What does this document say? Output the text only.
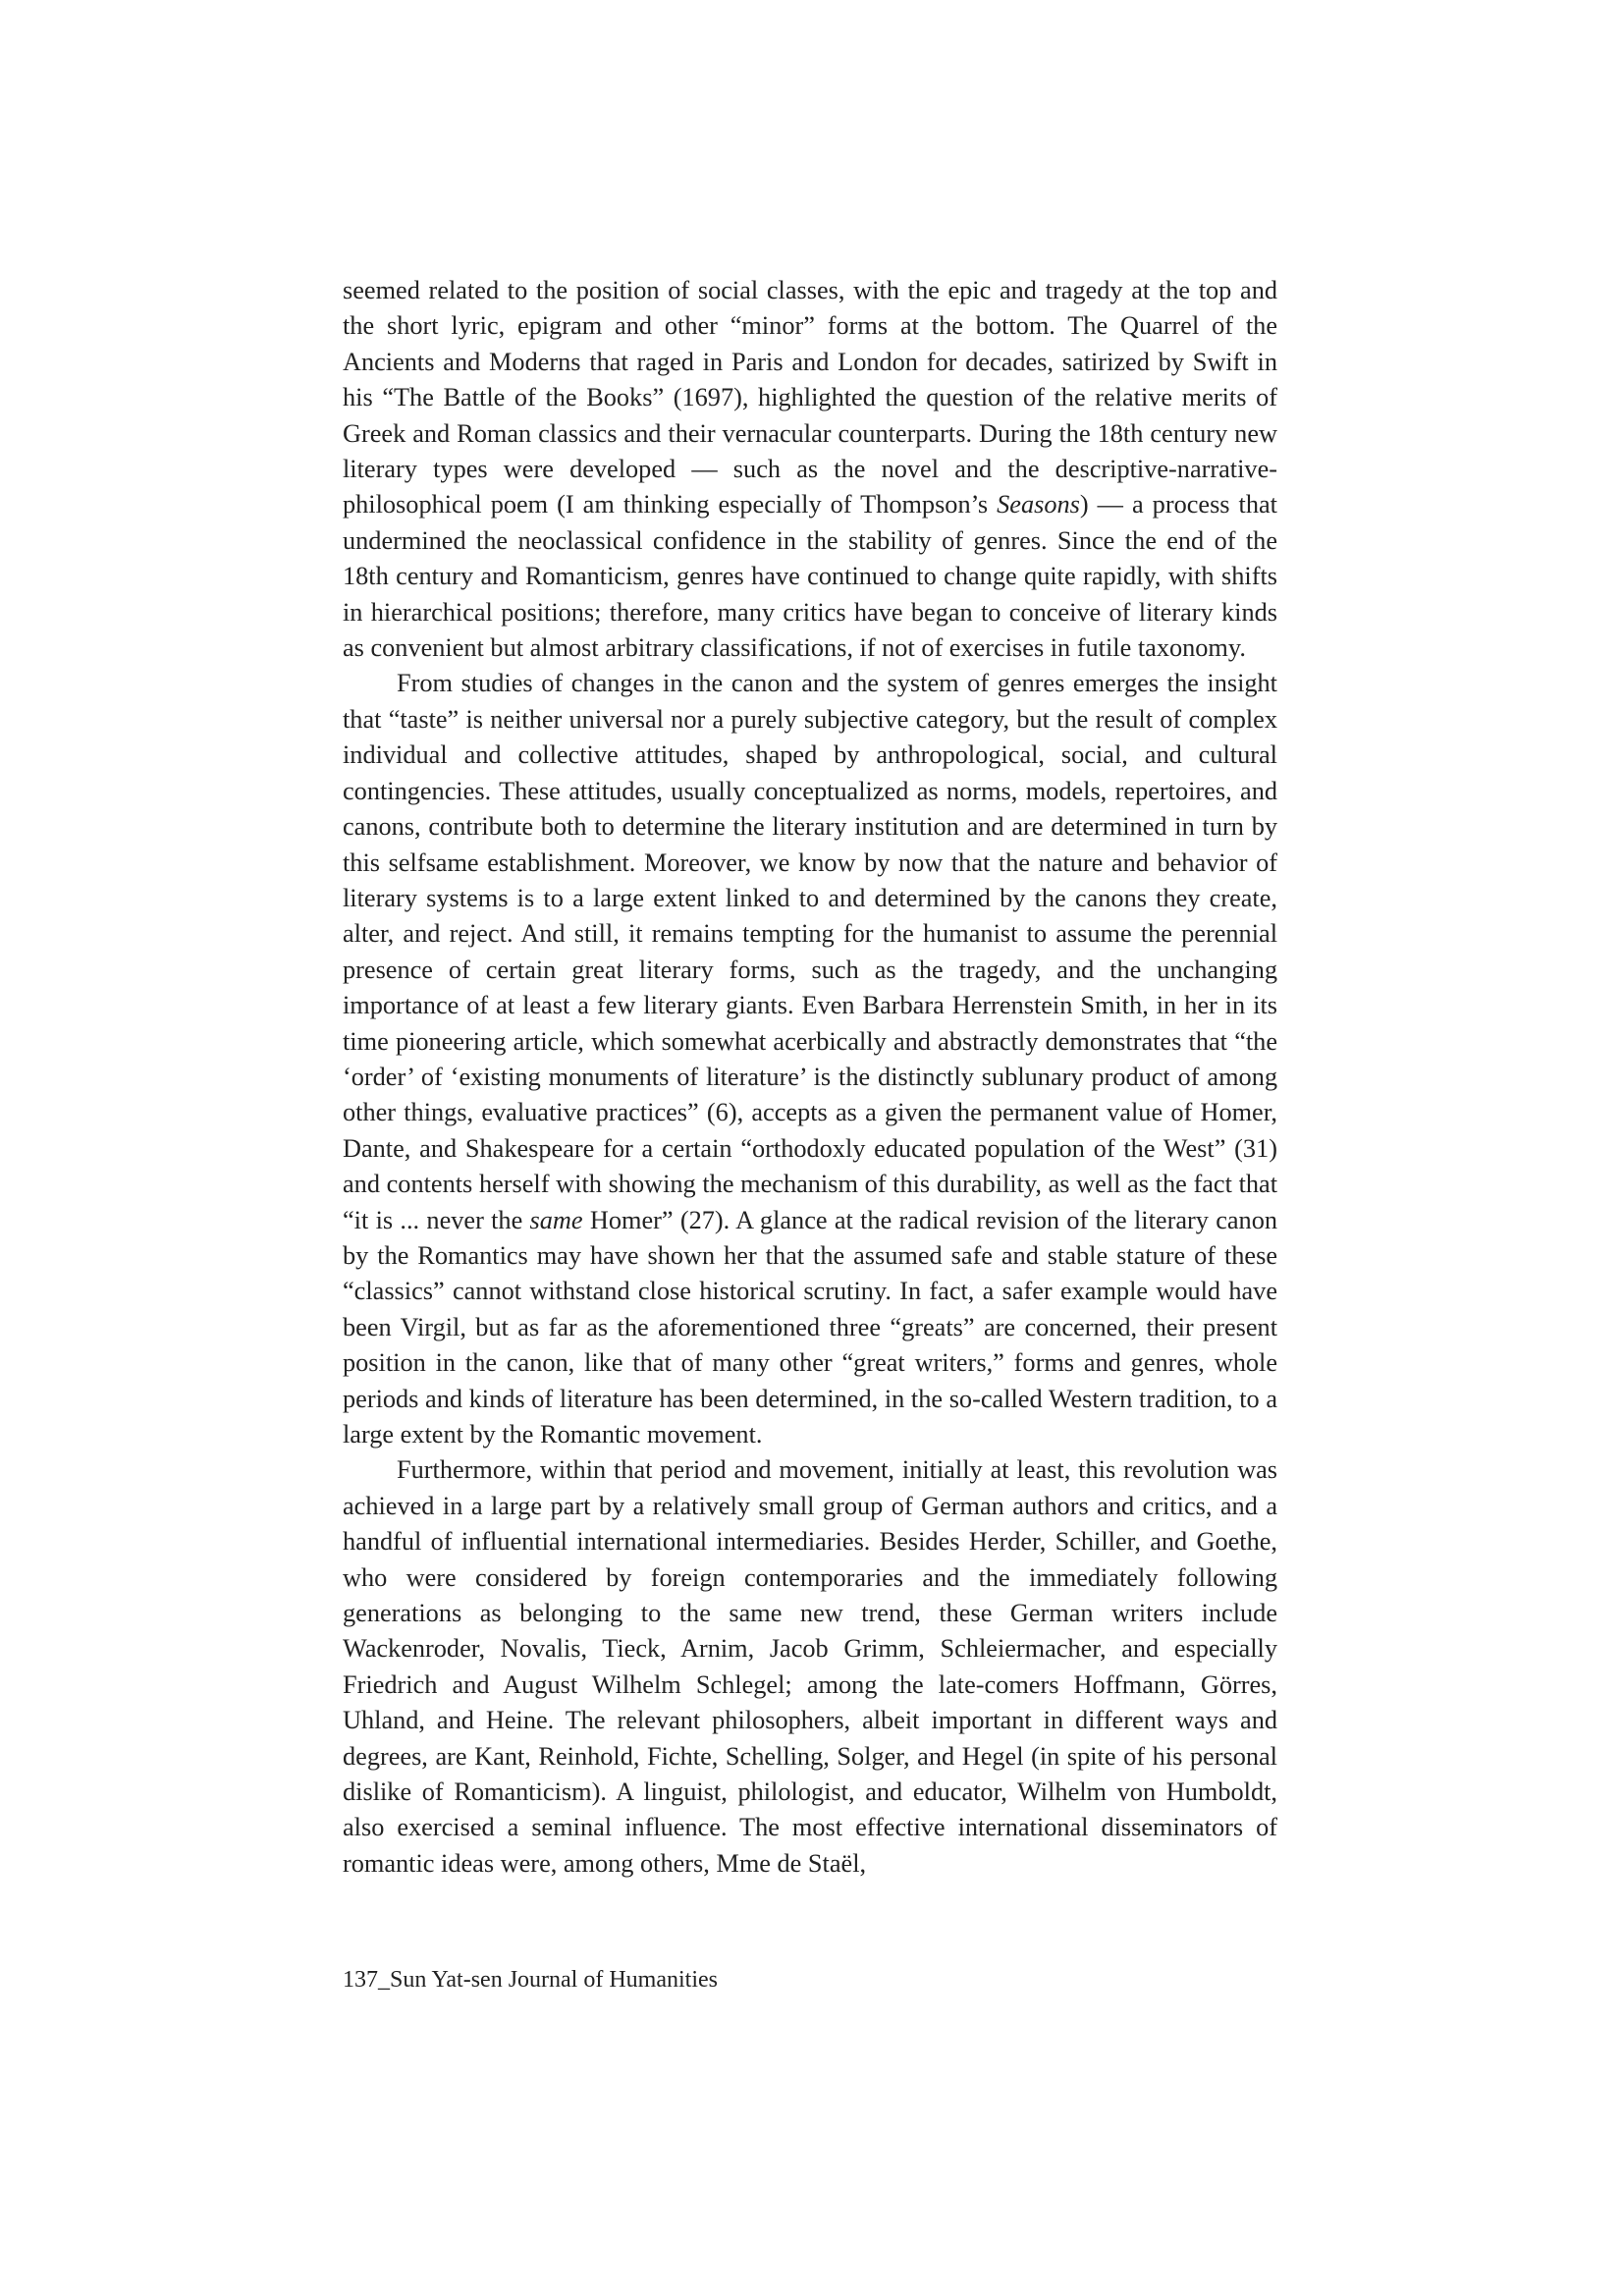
seemed related to the position of social classes, with the epic and tragedy at the top and the short lyric, epigram and other “minor” forms at the bottom. The Quarrel of the Ancients and Moderns that raged in Paris and London for decades, satirized by Swift in his “The Battle of the Books” (1697), highlighted the question of the relative merits of Greek and Roman classics and their vernacular counterparts. During the 18th century new literary types were developed — such as the novel and the descriptive-narrative-philosophical poem (I am thinking especially of Thompson’s Seasons) — a process that undermined the neoclassical confidence in the stability of genres. Since the end of the 18th century and Romanticism, genres have continued to change quite rapidly, with shifts in hierarchical positions; therefore, many critics have began to conceive of literary kinds as convenient but almost arbitrary classifications, if not of exercises in futile taxonomy.

From studies of changes in the canon and the system of genres emerges the insight that “taste” is neither universal nor a purely subjective category, but the result of complex individual and collective attitudes, shaped by anthropological, social, and cultural contingencies. These attitudes, usually conceptualized as norms, models, repertoires, and canons, contribute both to determine the literary institution and are determined in turn by this selfsame establishment. Moreover, we know by now that the nature and behavior of literary systems is to a large extent linked to and determined by the canons they create, alter, and reject. And still, it remains tempting for the humanist to assume the perennial presence of certain great literary forms, such as the tragedy, and the unchanging importance of at least a few literary giants. Even Barbara Herrenstein Smith, in her in its time pioneering article, which somewhat acerbically and abstractly demonstrates that “the ‘order’ of ‘existing monuments of literature’ is the distinctly sublunary product of among other things, evaluative practices” (6), accepts as a given the permanent value of Homer, Dante, and Shakespeare for a certain “orthodoxly educated population of the West” (31) and contents herself with showing the mechanism of this durability, as well as the fact that “it is ... never the same Homer” (27). A glance at the radical revision of the literary canon by the Romantics may have shown her that the assumed safe and stable stature of these “classics” cannot withstand close historical scrutiny. In fact, a safer example would have been Virgil, but as far as the aforementioned three “greats” are concerned, their present position in the canon, like that of many other “great writers,” forms and genres, whole periods and kinds of literature has been determined, in the so-called Western tradition, to a large extent by the Romantic movement.

Furthermore, within that period and movement, initially at least, this revolution was achieved in a large part by a relatively small group of German authors and critics, and a handful of influential international intermediaries. Besides Herder, Schiller, and Goethe, who were considered by foreign contemporaries and the immediately following generations as belonging to the same new trend, these German writers include Wackenroder, Novalis, Tieck, Arnim, Jacob Grimm, Schleiermacher, and especially Friedrich and August Wilhelm Schlegel; among the late-comers Hoffmann, Görres, Uhland, and Heine. The relevant philosophers, albeit important in different ways and degrees, are Kant, Reinhold, Fichte, Schelling, Solger, and Hegel (in spite of his personal dislike of Romanticism). A linguist, philologist, and educator, Wilhelm von Humboldt, also exercised a seminal influence. The most effective international disseminators of romantic ideas were, among others, Mme de Staël,

137_Sun Yat-sen Journal of Humanities
